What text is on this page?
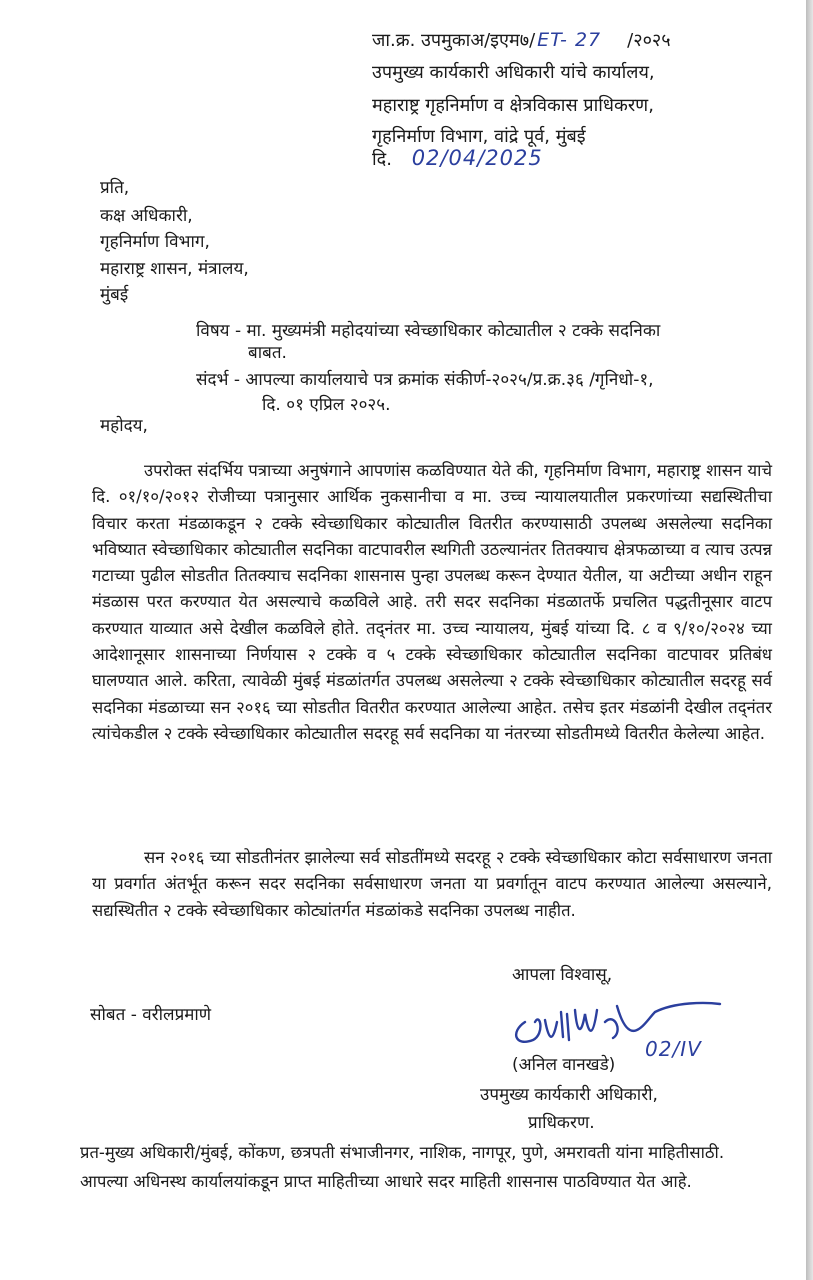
जा.क्र. उपमुकाअ/इएम७/ ET- 27 /२०२५
उपमुख्य कार्यकारी अधिकारी यांचे कार्यालय,
महाराष्ट्र गृहनिर्माण व क्षेत्रविकास प्राधिकरण,
गृहनिर्माण विभाग, वांद्रे पूर्व, मुंबई
दि. 02/04/2025
प्रति,
कक्ष अधिकारी,
गृहनिर्माण विभाग,
महाराष्ट्र शासन, मंत्रालय,
मुंबई
विषय - मा. मुख्यमंत्री महोदयांच्या स्वेच्छाधिकार कोट्यातील २ टक्के सदनिका
बाबत.
संदर्भ - आपल्या कार्यालयाचे पत्र क्रमांक संकीर्ण-२०२५/प्र.क्र.३६ /गृनिधो-१,
दि. ०१ एप्रिल २०२५.
महोदय,
उपरोक्त संदर्भिय पत्राच्या अनुषंगाने आपणांस कळविण्यात येते की, गृहनिर्माण विभाग, महाराष्ट्र शासन याचे दि. ०१/१०/२०१२ रोजीच्या पत्रानुसार आर्थिक नुकसानीचा व मा. उच्च न्यायालयातील प्रकरणांच्या सद्यस्थितीचा विचार करता मंडळाकडून २ टक्के स्वेच्छाधिकार कोट्यातील वितरीत करण्यासाठी उपलब्ध असलेल्या सदनिका भविष्यात स्वेच्छाधिकार कोट्यातील सदनिका वाटपावरील स्थगिती उठल्यानंतर तितक्याच क्षेत्रफळाच्या व त्याच उत्पन्न गटाच्या पुढील सोडतीत तितक्याच सदनिका शासनास पुन्हा उपलब्ध करून देण्यात येतील, या अटीच्या अधीन राहून मंडळास परत करण्यात येत असल्याचे कळविले आहे. तरी सदर सदनिका मंडळातर्फे प्रचलित पद्धतीनूसार वाटप करण्यात याव्यात असे देखील कळविले होते. तद्नंतर मा. उच्च न्यायालय, मुंबई यांच्या दि. ८ व ९/१०/२०२४ च्या आदेशानूसार शासनाच्या निर्णयास २ टक्के व ५ टक्के स्वेच्छाधिकार कोट्यातील सदनिका वाटपावर प्रतिबंध घालण्यात आले. करिता, त्यावेळी मुंबई मंडळांतर्गत उपलब्ध असलेल्या २ टक्के स्वेच्छाधिकार कोट्यातील सदरहू सर्व सदनिका मंडळाच्या सन २०१६ च्या सोडतीत वितरीत करण्यात आलेल्या आहेत. तसेच इतर मंडळांनी देखील तद्नंतर त्यांचेकडील २ टक्के स्वेच्छाधिकार कोट्यातील सदरहू सर्व सदनिका या नंतरच्या सोडतीमध्ये वितरीत केलेल्या आहेत.
सन २०१६ च्या सोडतीनंतर झालेल्या सर्व सोडतींमध्ये सदरहू २ टक्के स्वेच्छाधिकार कोटा सर्वसाधारण जनता या प्रवर्गात अंतर्भूत करून सदर सदनिका सर्वसाधारण जनता या प्रवर्गातून वाटप करण्यात आलेल्या असल्याने, सद्यस्थितीत २ टक्के स्वेच्छाधिकार कोट्यांतर्गत मंडळांकडे सदनिका उपलब्ध नाहीत.
सोबत - वरीलप्रमाणे
आपला विश्वासू,
02/IV
(अनिल वानखडे)
उपमुख्य कार्यकारी अधिकारी,
प्राधिकरण.
प्रत-मुख्य अधिकारी/मुंबई, कोंकण, छत्रपती संभाजीनगर, नाशिक, नागपूर, पुणे, अमरावती यांना माहितीसाठी. आपल्या अधिनस्थ कार्यालयांकडून प्राप्त माहितीच्या आधारे सदर माहिती शासनास पाठविण्यात येत आहे.
